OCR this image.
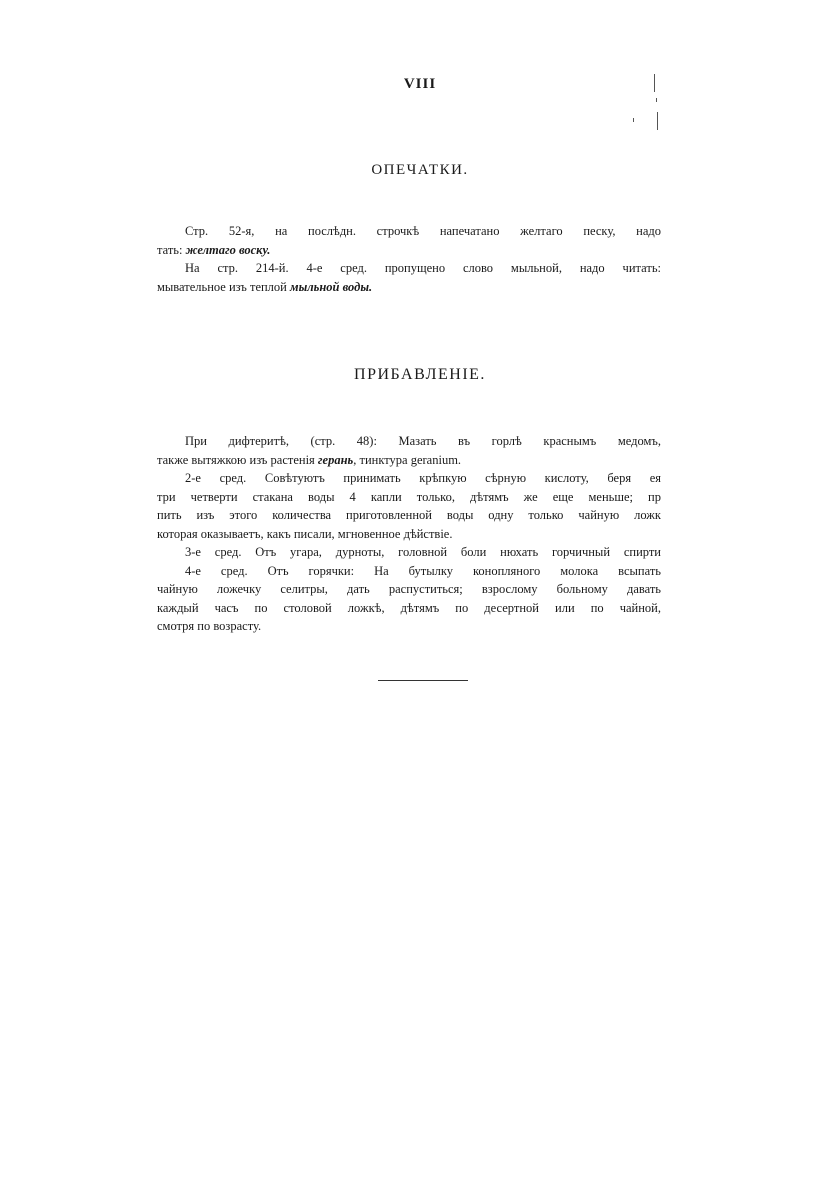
VIII
ОПЕЧАТКИ.
Стр. 52-я, на послѣдн. строчкѣ напечатано желтаго песку, надо
тать: желтаго воску.
На стр. 214-й. 4-е сред. пропущено слово мыльной, надо читать:
мывательное изъ теплой мыльной воды.
ПРИБАВЛЕНІЕ.
При дифтеритѣ, (стр. 48): Мазать въ горлѣ краснымъ медомъ,
также вытяжкою изъ растенія герань, тинктура geranium.
2-е сред. Совѣтуютъ принимать крѣпкую сѣрную кислоту, беря ея
три четверти стакана воды 4 капли только, дѣтямъ же еще меньше; пр
пить изъ этого количества приготовленной воды одну только чайную ложк
которая оказываетъ, какъ писали, мгновенное дѣйствіе.
3-е сред. Отъ угара, дурноты, головной боли нюхать горчичный спирти
4-е сред. Отъ горячки: На бутылку конопляного молока всыпать
чайную ложечку селитры, дать распуститься; взрослому больному давать
каждый часъ по столовой ложкѣ, дѣтямъ по десертной или по чайной,
смотря по возрасту.
